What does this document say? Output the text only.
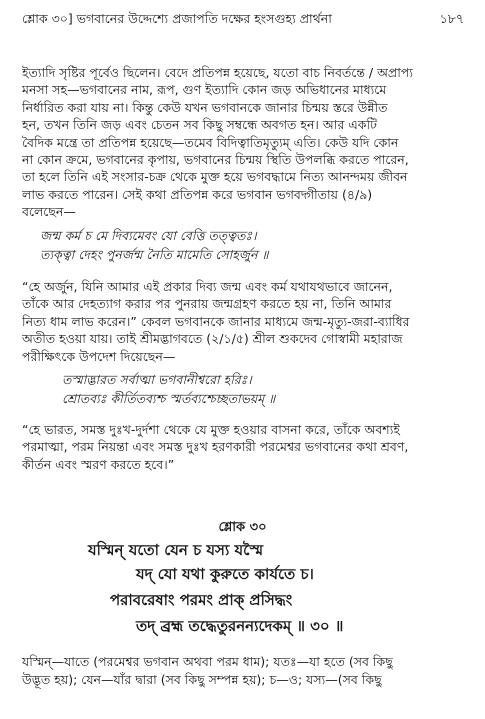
শ্লোক ৩০] ভগবানের উদ্দেশ্যে প্রজাপতি দক্ষের হংসগুহ্য প্রার্থনা	১৮৭

ইত্যাদি সৃষ্টির পূর্বেও ছিলেন। বেদে প্রতিপন্ন হয়েছে, যতো বাচ নিবর্তন্তে / অপ্রাপ্য
মনসা সহ—ভগবানের নাম, রূপ, গুণ ইত্যাদি কোন জড় অভিধানের মাধ্যমে
নির্ধারিত করা যায় না। কিন্তু কেউ যখন ভগবানকে জানার চিন্ময় স্তরে উন্নীত
হন, তখন তিনি জড় এবং চেতন সব কিছু সম্বন্ধে অবগত হন। আর একটি
বৈদিক মন্ত্রে তা প্রতিপন্ন হয়েছে—তমেব বিদিত্বাতিমৃত্যুম্ এতি। কেউ যদি কোন
না কোন ক্রমে, ভগবানের কৃপায়, ভগবানের চিন্ময় স্থিতি উপলব্ধি করতে পারেন,
তা হলে তিনি এই সংসার-চক্র থেকে মুক্ত হয়ে ভগবদ্ধামে নিত্য আনন্দময় জীবন
লাভ করতে পারেন। সেই কথা প্রতিপন্ন করে ভগবান ভগবদ্গীতায় (৪/৯)
বলেছেন—

জন্ম কর্ম চ মে দিব্যমেবং যো বেত্তি তত্ত্বতঃ।
ত্যক্ত্বা দেহং পুনর্জন্ম নৈতি মামেতি সোহর্জুন ॥

“হে অর্জুন, যিনি আমার এই প্রকার দিব্য জন্ম এবং কর্ম যথাযথভাবে জানেন,
তাঁকে আর দেহত্যাগ করার পর পুনরায় জন্মগ্রহণ করতে হয় না, তিনি আমার
নিত্য ধাম লাভ করেন।” কেবল ভগবানকে জানার মাধ্যমে জন্ম-মৃত্যু-জরা-ব্যাধির
অতীত হওয়া যায়। তাই শ্রীমদ্ভাগবতে (২/১/৫) শ্রীল শুকদেব গোস্বামী মহারাজ
পরীক্ষিৎকে উপদেশ দিয়েছেন—

তস্মাদ্ভারত সর্বাত্মা ভগবানীশ্বরো হরিঃ।
শ্রোতব্যঃ কীর্তিতব্যশ্চ স্মর্তব্যশ্চেচ্ছতাভয়ম্ ॥

“হে ভারত, সমস্ত দুঃখ-দুর্দশা থেকে যে মুক্ত হওয়ার বাসনা করে, তাঁকে অবশ্যই
পরমাত্মা, পরম নিয়ন্তা এবং সমস্ত দুঃখ হরণকারী পরমেশ্বর ভগবানের কথা শ্রবণ,
কীর্তন এবং স্মরণ করতে হবে।”

শ্লোক ৩০
যস্মিন্ যতো যেন চ যস্য যস্মৈ
যদ্ যো যথা কুরুতে কার্যতে চ।
পরাবরেষাং পরমং প্রাক্ প্রসিদ্ধং
তদ্ ব্রহ্ম তদ্ধেতুরনন্যদেকম্ ॥ ৩০ ॥
যস্মিন্—যাতে (পরমেশ্বর ভগবান অথবা পরম ধাম); যতঃ—যা হতে (সব কিছু
উদ্ভূত হয়); যেন—যাঁর দ্বারা (সব কিছু সম্পন্ন হয়); চ—ও; যস্য—(সব কিছু
